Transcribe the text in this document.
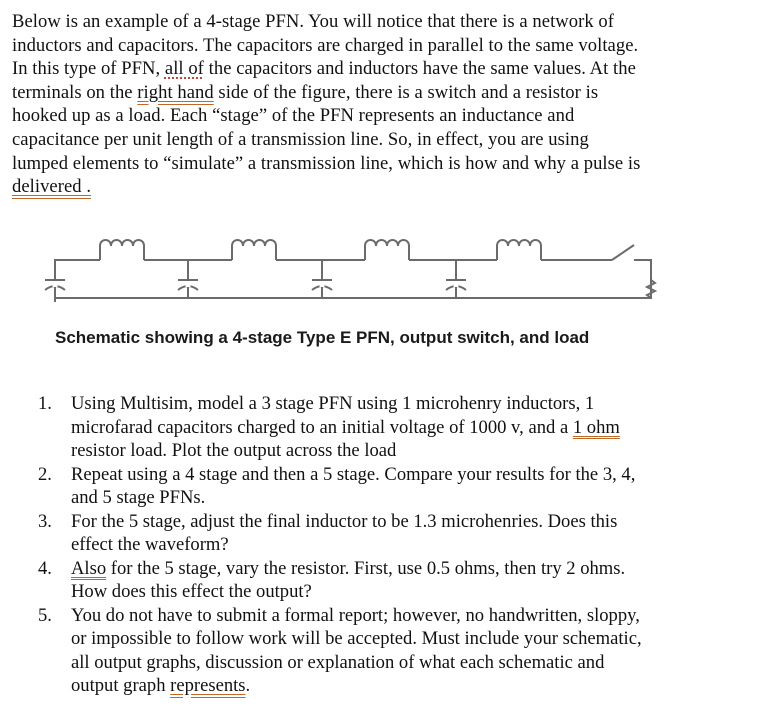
Below is an example of a 4-stage PFN. You will notice that there is a network of
inductors and capacitors. The capacitors are charged in parallel to the same voltage.
In this type of PFN, all of the capacitors and inductors have the same values. At the
terminals on the right hand side of the figure, there is a switch and a resistor is
hooked up as a load. Each “stage” of the PFN represents an inductance and
capacitance per unit length of a transmission line. So, in effect, you are using
lumped elements to “simulate” a transmission line, which is how and why a pulse is
delivered .
Schematic showing a 4-stage Type E PFN, output switch, and load
1. Using Multisim, model a 3 stage PFN using 1 microhenry inductors, 1
microfarad capacitors charged to an initial voltage of 1000 v, and a 1 ohm
resistor load. Plot the output across the load
2. Repeat using a 4 stage and then a 5 stage. Compare your results for the 3, 4,
and 5 stage PFNs.
3. For the 5 stage, adjust the final inductor to be 1.3 microhenries. Does this
effect the waveform?
4. Also for the 5 stage, vary the resistor. First, use 0.5 ohms, then try 2 ohms.
How does this effect the output?
5. You do not have to submit a formal report; however, no handwritten, sloppy,
or impossible to follow work will be accepted. Must include your schematic,
all output graphs, discussion or explanation of what each schematic and
output graph represents.
